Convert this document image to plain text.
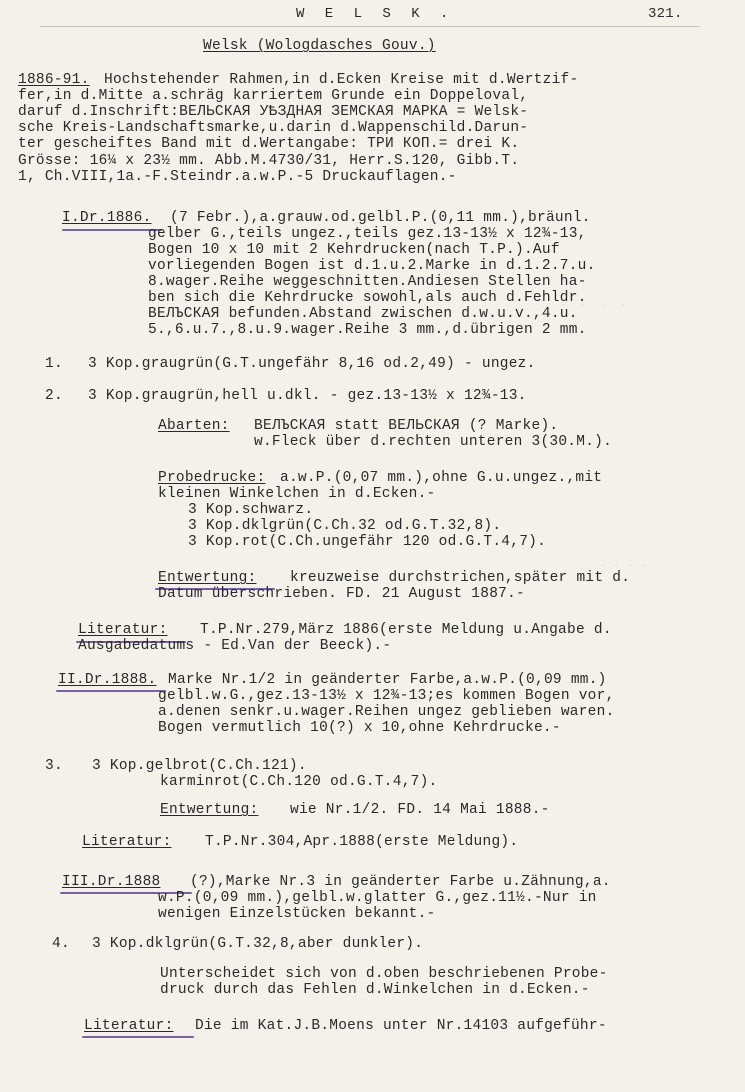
-  -  -  -
- - - -
W E L S K .	321.
Welsk (Wologdasches Gouv.)
1886-91. Hochstehender Rahmen,in d.Ecken Kreise mit d.Wertzif-
fer,in d.Mitte a.schräg karriertem Grunde ein Doppeloval,
daruf d.Inschrift:ВЕЛЬСКАЯ УѢЗДНАЯ ЗЕМСКАЯ МАРКА = Welsk-
sche Kreis-Landschaftsmarke,u.darin d.Wappenschild.Darun-
ter gescheiftes Band mit d.Wertangabe: ТРИ КОП.= drei K.
Grösse: 16¼ x 23½ mm. Abb.M.4730/31, Herr.S.120, Gibb.T.
1, Ch.VIII,1a.-F.Steindr.a.w.P.-5 Druckauflagen.-
I.Dr.1886. (7 Febr.),a.grauw.od.gelbl.P.(0,11 mm.),bräunl.
gelber G.,teils ungez.,teils gez.13-13½ x 12¾-13,
Bogen 10 x 10 mit 2 Kehrdrucken(nach T.P.).Auf
vorliegenden Bogen ist d.1.u.2.Marke in d.1.2.7.u.
8.wager.Reihe weggeschnitten.Andiesen Stellen ha-
ben sich die Kehrdrucke sowohl,als auch d.Fehldr.
ВЕЛЪСКАЯ befunden.Abstand zwischen d.w.u.v.,4.u.
5.,6.u.7.,8.u.9.wager.Reihe 3 mm.,d.übrigen 2 mm.
1. 3 Kop.graugrün(G.T.ungefähr 8,16 od.2,49) - ungez.
2. 3 Kop.graugrün,hell u.dkl. - gez.13-13½ x 12¾-13.
Abarten: ВЕЛЪСКАЯ statt ВЕЛЬСКАЯ (? Marke).
w.Fleck über d.rechten unteren 3(30.M.).
Probedrucke: a.w.P.(0,07 mm.),ohne G.u.ungez.,mit
kleinen Winkelchen in d.Ecken.-
3 Kop.schwarz.
3 Kop.dklgrün(C.Ch.32 od.G.T.32,8).
3 Kop.rot(C.Ch.ungefähr 120 od.G.T.4,7).
Entwertung: kreuzweise durchstrichen,später mit d.
Datum überschrieben. FD. 21 August 1887.-
Literatur: T.P.Nr.279,März 1886(erste Meldung u.Angabe d.
Ausgabedatums - Ed.Van der Beeck).-
II.Dr.1888. Marke Nr.1/2 in geänderter Farbe,a.w.P.(0,09 mm.)
gelbl.w.G.,gez.13-13½ x 12¾-13;es kommen Bogen vor,
a.denen senkr.u.wager.Reihen ungez geblieben waren.
Bogen vermutlich 10(?) x 10,ohne Kehrdrucke.-
3. 3 Kop.gelbrot(C.Ch.121).
karminrot(C.Ch.120 od.G.T.4,7).
Entwertung: wie Nr.1/2. FD. 14 Mai 1888.-
Literatur: T.P.Nr.304,Apr.1888(erste Meldung).
III.Dr.1888 (?),Marke Nr.3 in geänderter Farbe u.Zähnung,a.
w.P.(0,09 mm.),gelbl.w.glatter G.,gez.11½.-Nur in
wenigen Einzelstücken bekannt.-
4. 3 Kop.dklgrün(G.T.32,8,aber dunkler).
Unterscheidet sich von d.oben beschriebenen Probe-
druck durch das Fehlen d.Winkelchen in d.Ecken.-
Literatur: Die im Kat.J.B.Moens unter Nr.14103 aufgeführ-
